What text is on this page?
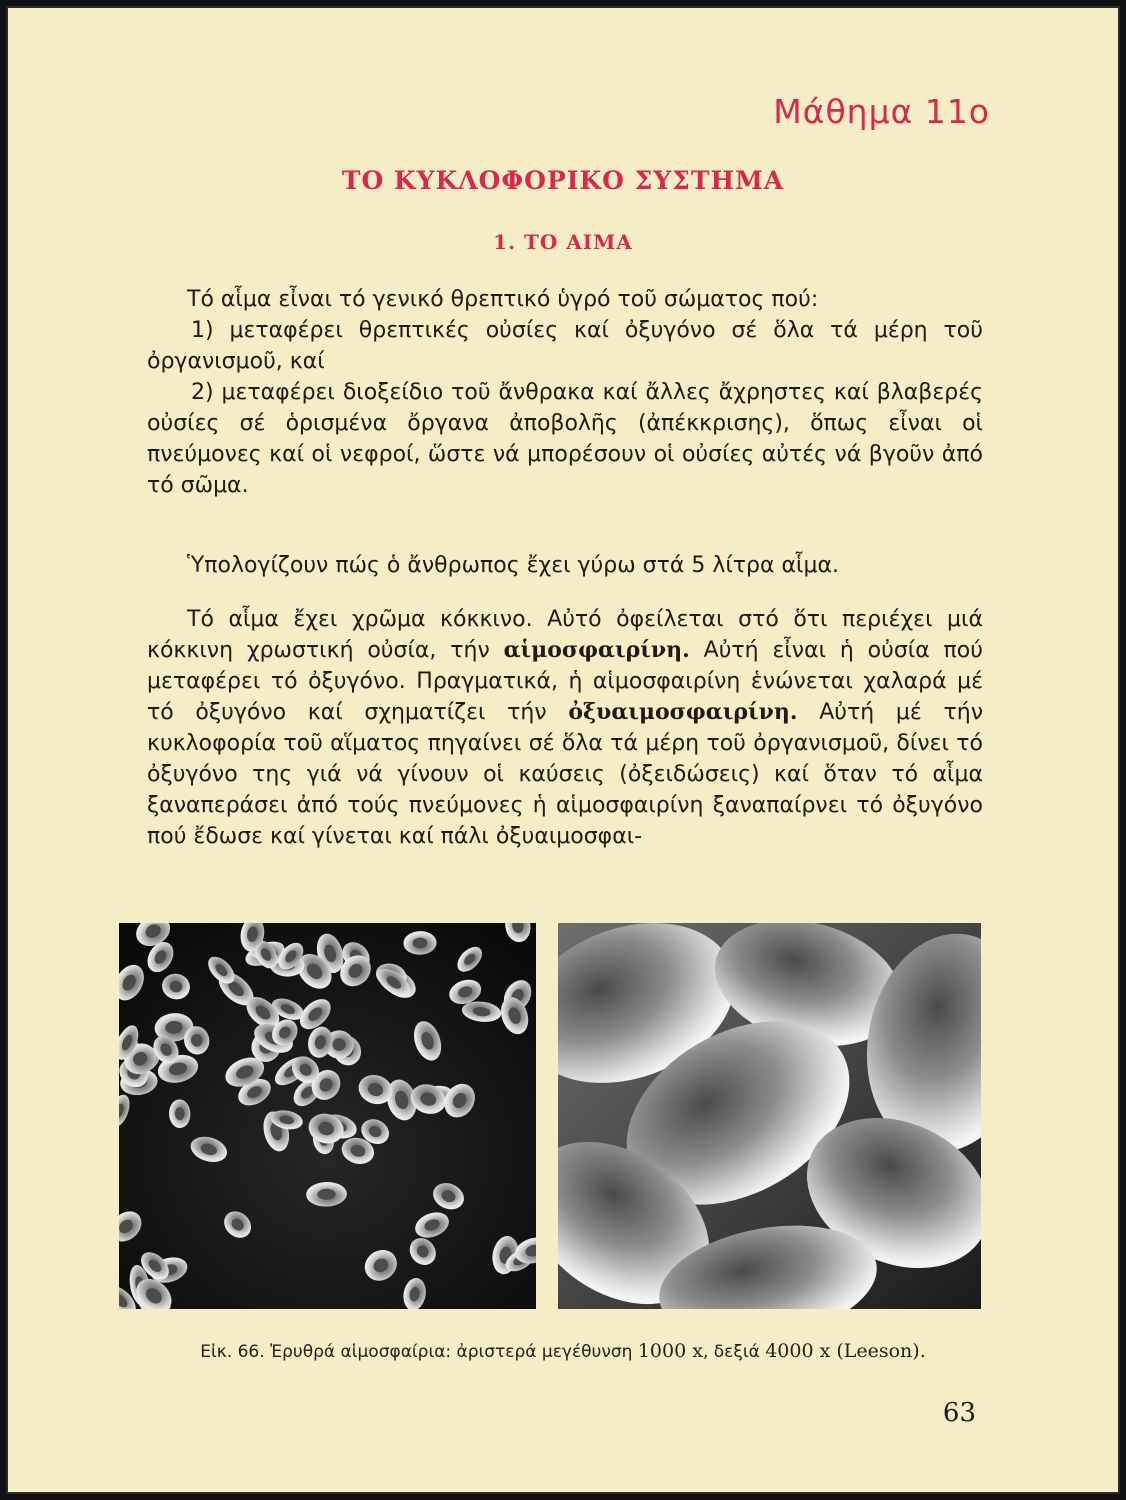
Μάθημα 11ο
ΤΟ ΚΥΚΛΟΦΟΡΙΚΟ ΣΥΣΤΗΜΑ
1. ΤΟ ΑΙΜΑ

Τό αἷμα εἶναι τό γενικό θρεπτικό ὑγρό τοῦ σώματος πού:

1) μεταφέρει θρεπτικές οὐσίες καί ὀξυγόνο σέ ὅλα τά μέρη τοῦ ὀργανισμοῦ, καί

2) μεταφέρει διοξείδιο τοῦ ἄνθρακα καί ἄλλες ἄχρηστες καί βλαβερές οὐσίες σέ ὁρισμένα ὄργανα ἀποβολῆς (ἀπέκκρισης), ὅπως εἶναι οἱ πνεύμονες καί οἱ νεφροί, ὥστε νά μπορέσουν οἱ οὐσίες αὐτές νά βγοῦν ἀπό τό σῶμα.

Ὑπολογίζουν πώς ὁ ἄνθρωπος ἔχει γύρω στά 5 λίτρα αἷμα.

Τό αἷμα ἔχει χρῶμα κόκκινο. Αὐτό ὀφείλεται στό ὅτι περιέχει μιά κόκκινη χρωστική οὐσία, τήν αἱμοσφαιρίνη. Αὐτή εἶναι ἡ οὐσία πού μεταφέρει τό ὀξυγόνο. Πραγματικά, ἡ αἱμοσφαιρίνη ἑνώνεται χαλαρά μέ τό ὀξυγόνο καί σχηματίζει τήν ὀξυαιμοσφαιρίνη. Αὐτή μέ τήν κυκλοφορία τοῦ αἵματος πηγαίνει σέ ὅλα τά μέρη τοῦ ὀργανισμοῦ, δίνει τό ὀξυγόνο της γιά νά γίνουν οἱ καύσεις (ὀξειδώσεις) καί ὅταν τό αἷμα ξαναπεράσει ἀπό τούς πνεύμονες ἡ αἱμοσφαιρίνη ξαναπαίρνει τό ὀξυγόνο πού ἔδωσε καί γίνεται καί πάλι ὀξυαιμοσφαι-

Εἰκ. 66. Ἐρυθρά αἱμοσφαίρια: ἀριστερά μεγέθυνση 1000 x, δεξιά 4000 x (Leeson).
63
